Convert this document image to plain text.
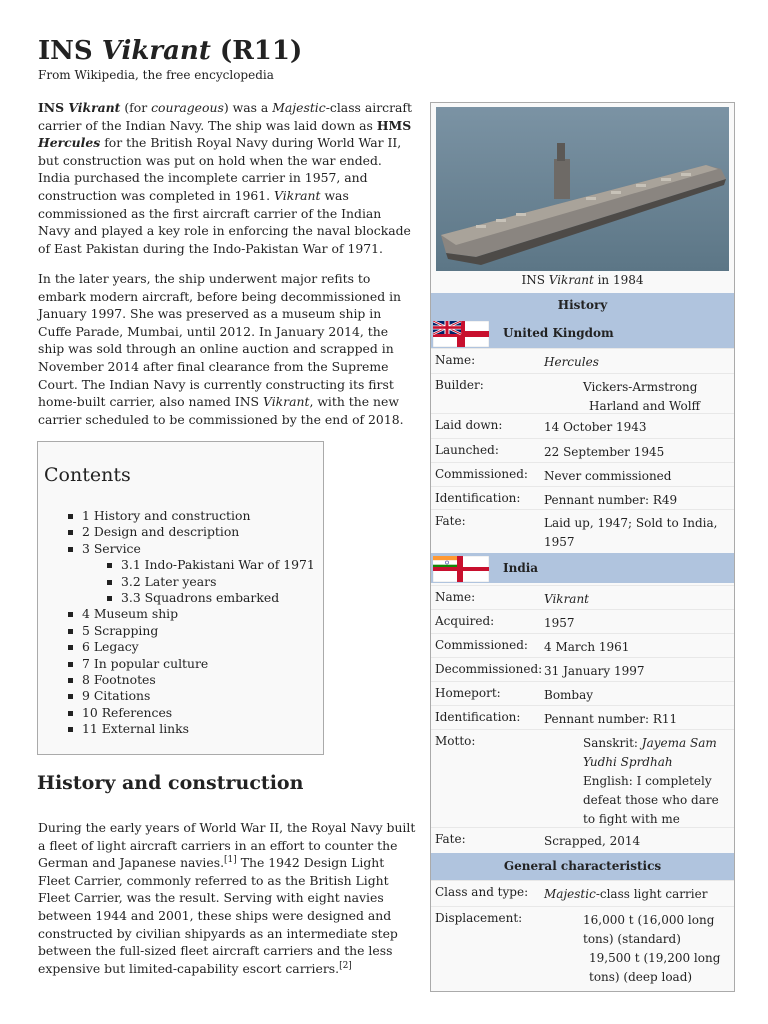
INS Vikrant (R11)
From Wikipedia, the free encyclopedia

INS Vikrant (for courageous) was a Majestic-class aircraft carrier of the Indian Navy. The ship was laid down as HMS Hercules for the British Royal Navy during World War II, but construction was put on hold when the war ended. India purchased the incomplete carrier in 1957, and construction was completed in 1961. Vikrant was commissioned as the first aircraft carrier of the Indian Navy and played a key role in enforcing the naval blockade of East Pakistan during the Indo-Pakistan War of 1971.

In the later years, the ship underwent major refits to embark modern aircraft, before being decommissioned in January 1997. She was preserved as a museum ship in Cuffe Parade, Mumbai, until 2012. In January 2014, the ship was sold through an online auction and scrapped in November 2014 after final clearance from the Supreme Court. The Indian Navy is currently constructing its first home-built carrier, also named INS Vikrant, with the new carrier scheduled to be commissioned by the end of 2018.

Contents
1 History and construction
2 Design and description
3 Service
3.1 Indo-Pakistani War of 1971
3.2 Later years
3.3 Squadrons embarked
4 Museum ship
5 Scrapping
6 Legacy
7 In popular culture
8 Footnotes
9 Citations
10 References
11 External links
History and construction

During the early years of World War II, the Royal Navy built a fleet of light aircraft carriers in an effort to counter the German and Japanese navies.[1] The 1942 Design Light Fleet Carrier, commonly referred to as the British Light Fleet Carrier, was the result. Serving with eight navies between 1944 and 2001, these ships were designed and constructed by civilian shipyards as an intermediate step between the full-sized fleet aircraft carriers and the less expensive but limited-capability escort carriers.[2]

INS Vikrant in 1984
History
United Kingdom
Name:	Hercules
Builder:	Vickers-Armstrong
Harland and Wolff
Laid down:	14 October 1943
Launched:	22 September 1945
Commissioned: Never commissioned
Identification: Pennant number: R49
Fate:	Laid up, 1947; Sold to India, 1957
India
Name:	Vikrant
Acquired:	1957
Commissioned: 4 March 1961
Decommissioned: 31 January 1997
Homeport:	Bombay
Identification: Pennant number: R11
Motto:	Sanskrit: Jayema Sam Yudhi Sprdhah
English: I completely defeat those who dare to fight with me
Fate:	Scrapped, 2014
General characteristics
Class and type: Majestic-class light carrier
Displacement:	16,000 t (16,000 long tons) (standard)
19,500 t (19,200 long tons) (deep load)
